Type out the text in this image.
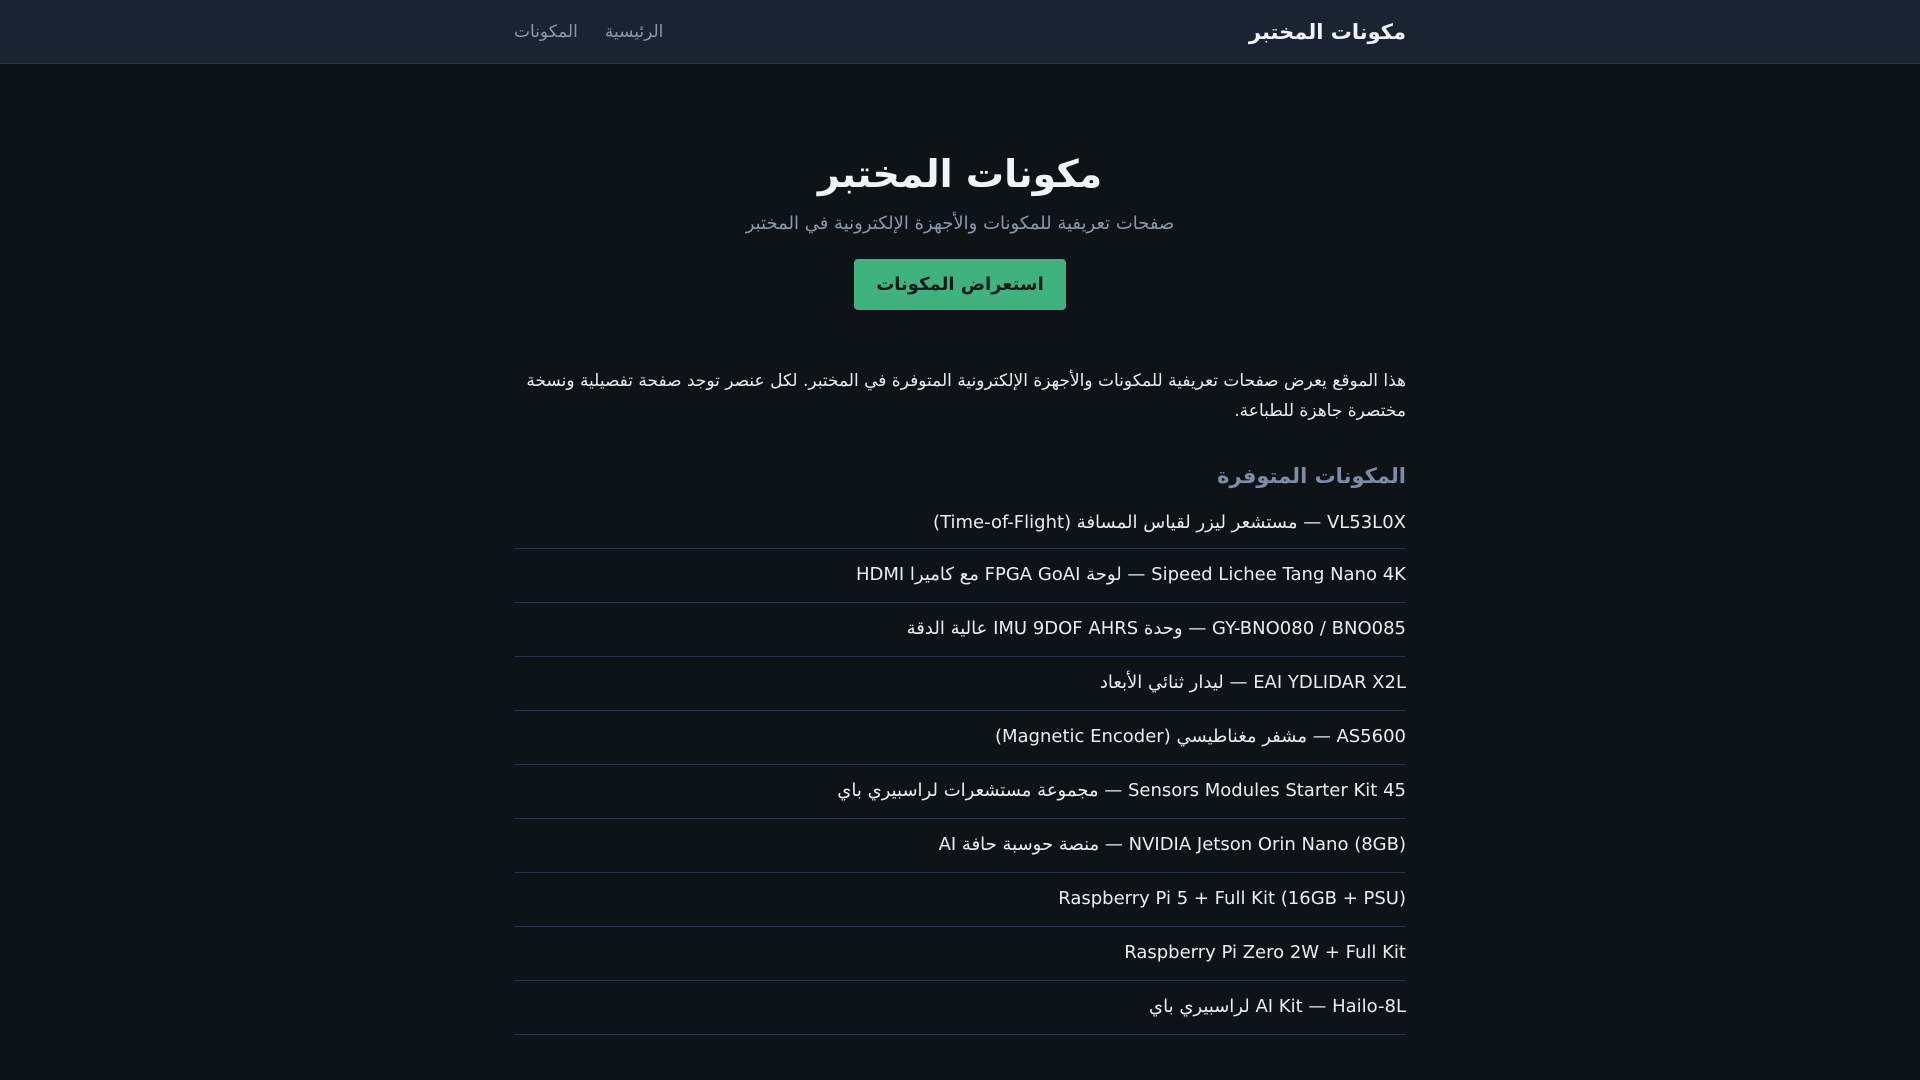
مكونات المختبر
الرئيسية
المكونات
مكونات المختبر

صفحات تعريفية للمكونات والأجهزة الإلكترونية في المختبر

استعراض المكونات

هذا الموقع يعرض صفحات تعريفية للمكونات والأجهزة الإلكترونية المتوفرة في المختبر. لكل عنصر توجد صفحة تفصيلية ونسخة مختصرة جاهزة للطباعة.

المكونات المتوفرة
VL53L0X — مستشعر ليزر لقياس المسافة (Time-of-Flight)
Sipeed Lichee Tang Nano 4K — لوحة FPGA GoAI مع كاميرا HDMI
GY-BNO080 / BNO085 — وحدة IMU 9DOF AHRS عالية الدقة
EAI YDLIDAR X2L — ليدار ثنائي الأبعاد
AS5600 — مشفر مغناطيسي (Magnetic Encoder)
45 Sensors Modules Starter Kit — مجموعة مستشعرات لراسبيري باي
NVIDIA Jetson Orin Nano (8GB) — منصة حوسبة حافة AI
Raspberry Pi 5 + Full Kit (16GB + PSU)
Raspberry Pi Zero 2W + Full Kit
AI Kit — Hailo-8L لراسبيري باي
